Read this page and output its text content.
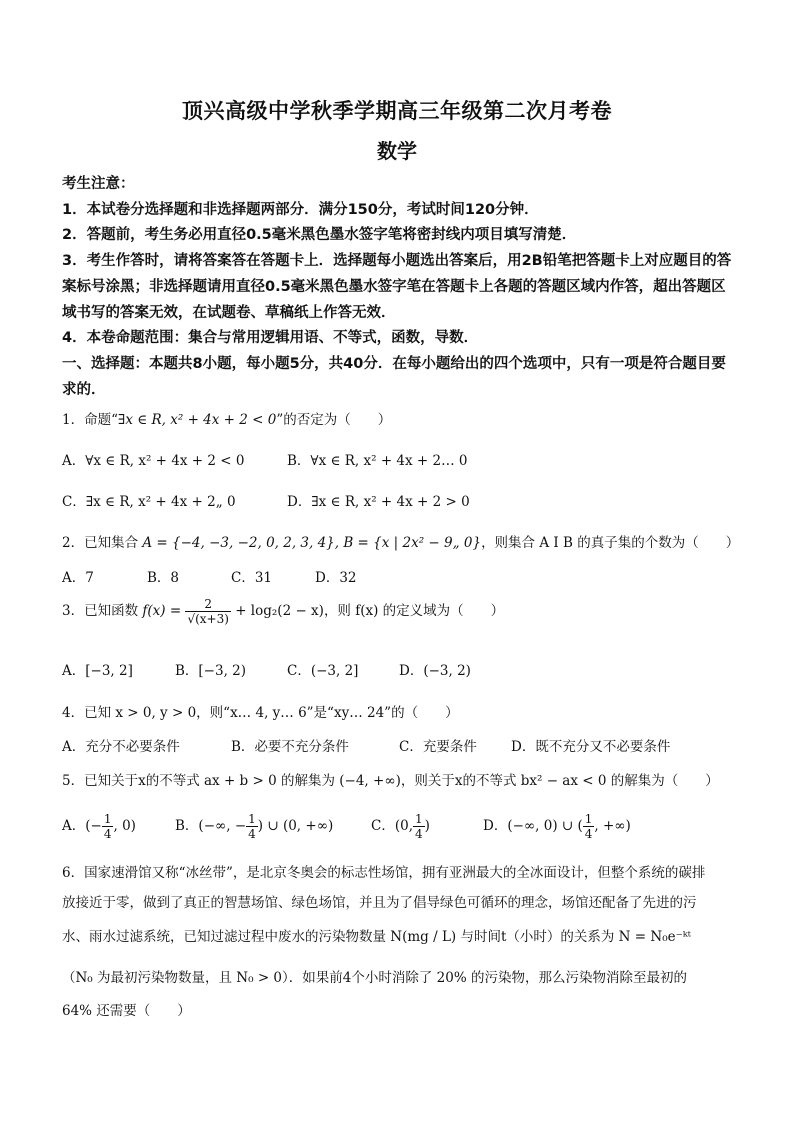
顶兴高级中学秋季学期高三年级第二次月考卷
数学
考生注意：
1．本试卷分选择题和非选择题两部分．满分150分，考试时间120分钟．
2．答题前，考生务必用直径0.5毫米黑色墨水签字笔将密封线内项目填写清楚．
3．考生作答时，请将答案答在答题卡上．选择题每小题选出答案后，用2B铅笔把答题卡上对应题目的答案标号涂黑；非选择题请用直径0.5毫米黑色墨水签字笔在答题卡上各题的答题区域内作答，超出答题区域书写的答案无效，在试题卷、草稿纸上作答无效．
4．本卷命题范围：集合与常用逻辑用语、不等式，函数，导数．
一、选择题：本题共8小题，每小题5分，共40分．在每小题给出的四个选项中，只有一项是符合题目要求的．
1．命题“∃x ∈ R, x² + 4x + 2 < 0”的否定为（　　）
A．∀x ∈ R, x² + 4x + 2 < 0	B．∀x ∈ R, x² + 4x + 2… 0
C．∃x ∈ R, x² + 4x + 2„ 0	D．∃x ∈ R, x² + 4x + 2 > 0
2．已知集合 A = {−4, −3, −2, 0, 2, 3, 4}, B = {x | 2x² − 9„ 0}，则集合 A I B 的真子集的个数为（　　）
A．7	B．8	C．31	D．32
3．已知函数 $f(x) = \frac{2}{√(x+3)} + \log_2(2 - x)$，则 f(x) 的定义域为（　　）
A．[−3, 2]	B．[−3, 2)	C．(−3, 2]	D．(−3, 2)
4．已知 x > 0, y > 0，则“x… 4, y… 6”是“xy… 24”的（　　）
A．充分不必要条件	B．必要不充分条件	C．充要条件	D．既不充分又不必要条件
5．已知关于x的不等式 ax + b > 0 的解集为 (−4, +∞)，则关于x的不等式 bx² − ax < 0 的解集为（　　）
A．(− $\frac{1}{4}$ , 0)	B．(−∞, − $\frac{1}{4}$ ) ∪ (0, +∞)	C．(0, $\frac{1}{4}$ )	D．(−∞, 0) ∪ ( $\frac{1}{4}$ , +∞)
6．国家速滑馆又称“冰丝带”，是北京冬奥会的标志性场馆，拥有亚洲最大的全冰面设计，但整个系统的碳排
放接近于零，做到了真正的智慧场馆、绿色场馆，并且为了倡导绿色可循环的理念，场馆还配备了先进的污
水、雨水过滤系统，已知过滤过程中废水的污染物数量 N(mg / L) 与时间t（小时）的关系为 N = N₀e⁻ᵏᵗ
（N₀ 为最初污染物数量，且 N₀ > 0）．如果前4个小时消除了 20% 的污染物，那么污染物消除至最初的
64% 还需要（　　）
